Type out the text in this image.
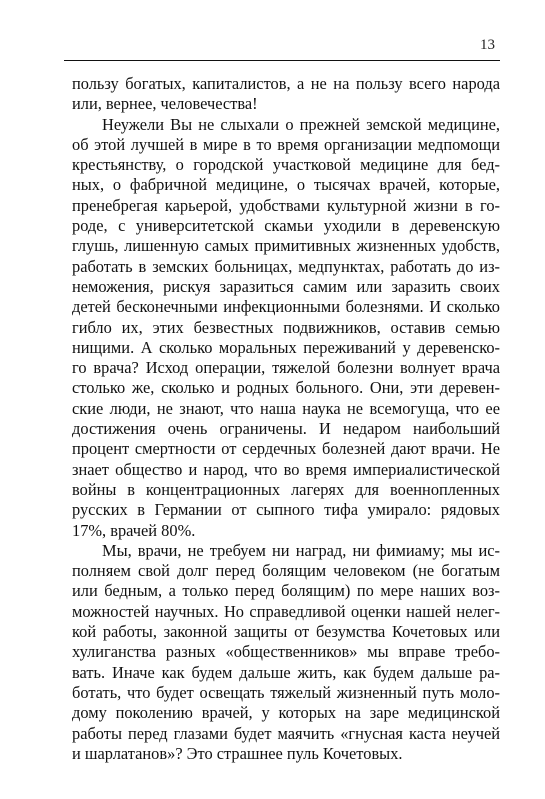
13
пользу богатых, капиталистов, а не на пользу всего народа
или, вернее, человечества!
Неужели Вы не слыхали о прежней земской медицине,
об этой лучшей в мире в то время организации медпомощи
крестьянству, о городской участковой медицине для бед-
ных, о фабричной медицине, о тысячах врачей, которые,
пренебрегая карьерой, удобствами культурной жизни в го-
роде, с университетской скамьи уходили в деревенскую
глушь, лишенную самых примитивных жизненных удобств,
работать в земских больницах, медпунктах, работать до из-
неможения, рискуя заразиться самим или заразить своих
детей бесконечными инфекционными болезнями. И сколько
гибло их, этих безвестных подвижников, оставив семью
нищими. А сколько моральных переживаний у деревенско-
го врача? Исход операции, тяжелой болезни волнует врача
столько же, сколько и родных больного. Они, эти деревен-
ские люди, не знают, что наша наука не всемогуща, что ее
достижения очень ограничены. И недаром наибольший
процент смертности от сердечных болезней дают врачи. Не
знает общество и народ, что во время империалистической
войны в концентрационных лагерях для военнопленных
русских в Германии от сыпного тифа умирало: рядовых
17%, врачей 80%.
Мы, врачи, не требуем ни наград, ни фимиаму; мы ис-
полняем свой долг перед болящим человеком (не богатым
или бедным, а только перед болящим) по мере наших воз-
можностей научных. Но справедливой оценки нашей нелег-
кой работы, законной защиты от безумства Кочетовых или
хулиганства разных «общественников» мы вправе требо-
вать. Иначе как будем дальше жить, как будем дальше ра-
ботать, что будет освещать тяжелый жизненный путь моло-
дому поколению врачей, у которых на заре медицинской
работы перед глазами будет маячить «гнусная каста неучей
и шарлатанов»? Это страшнее пуль Кочетовых.
